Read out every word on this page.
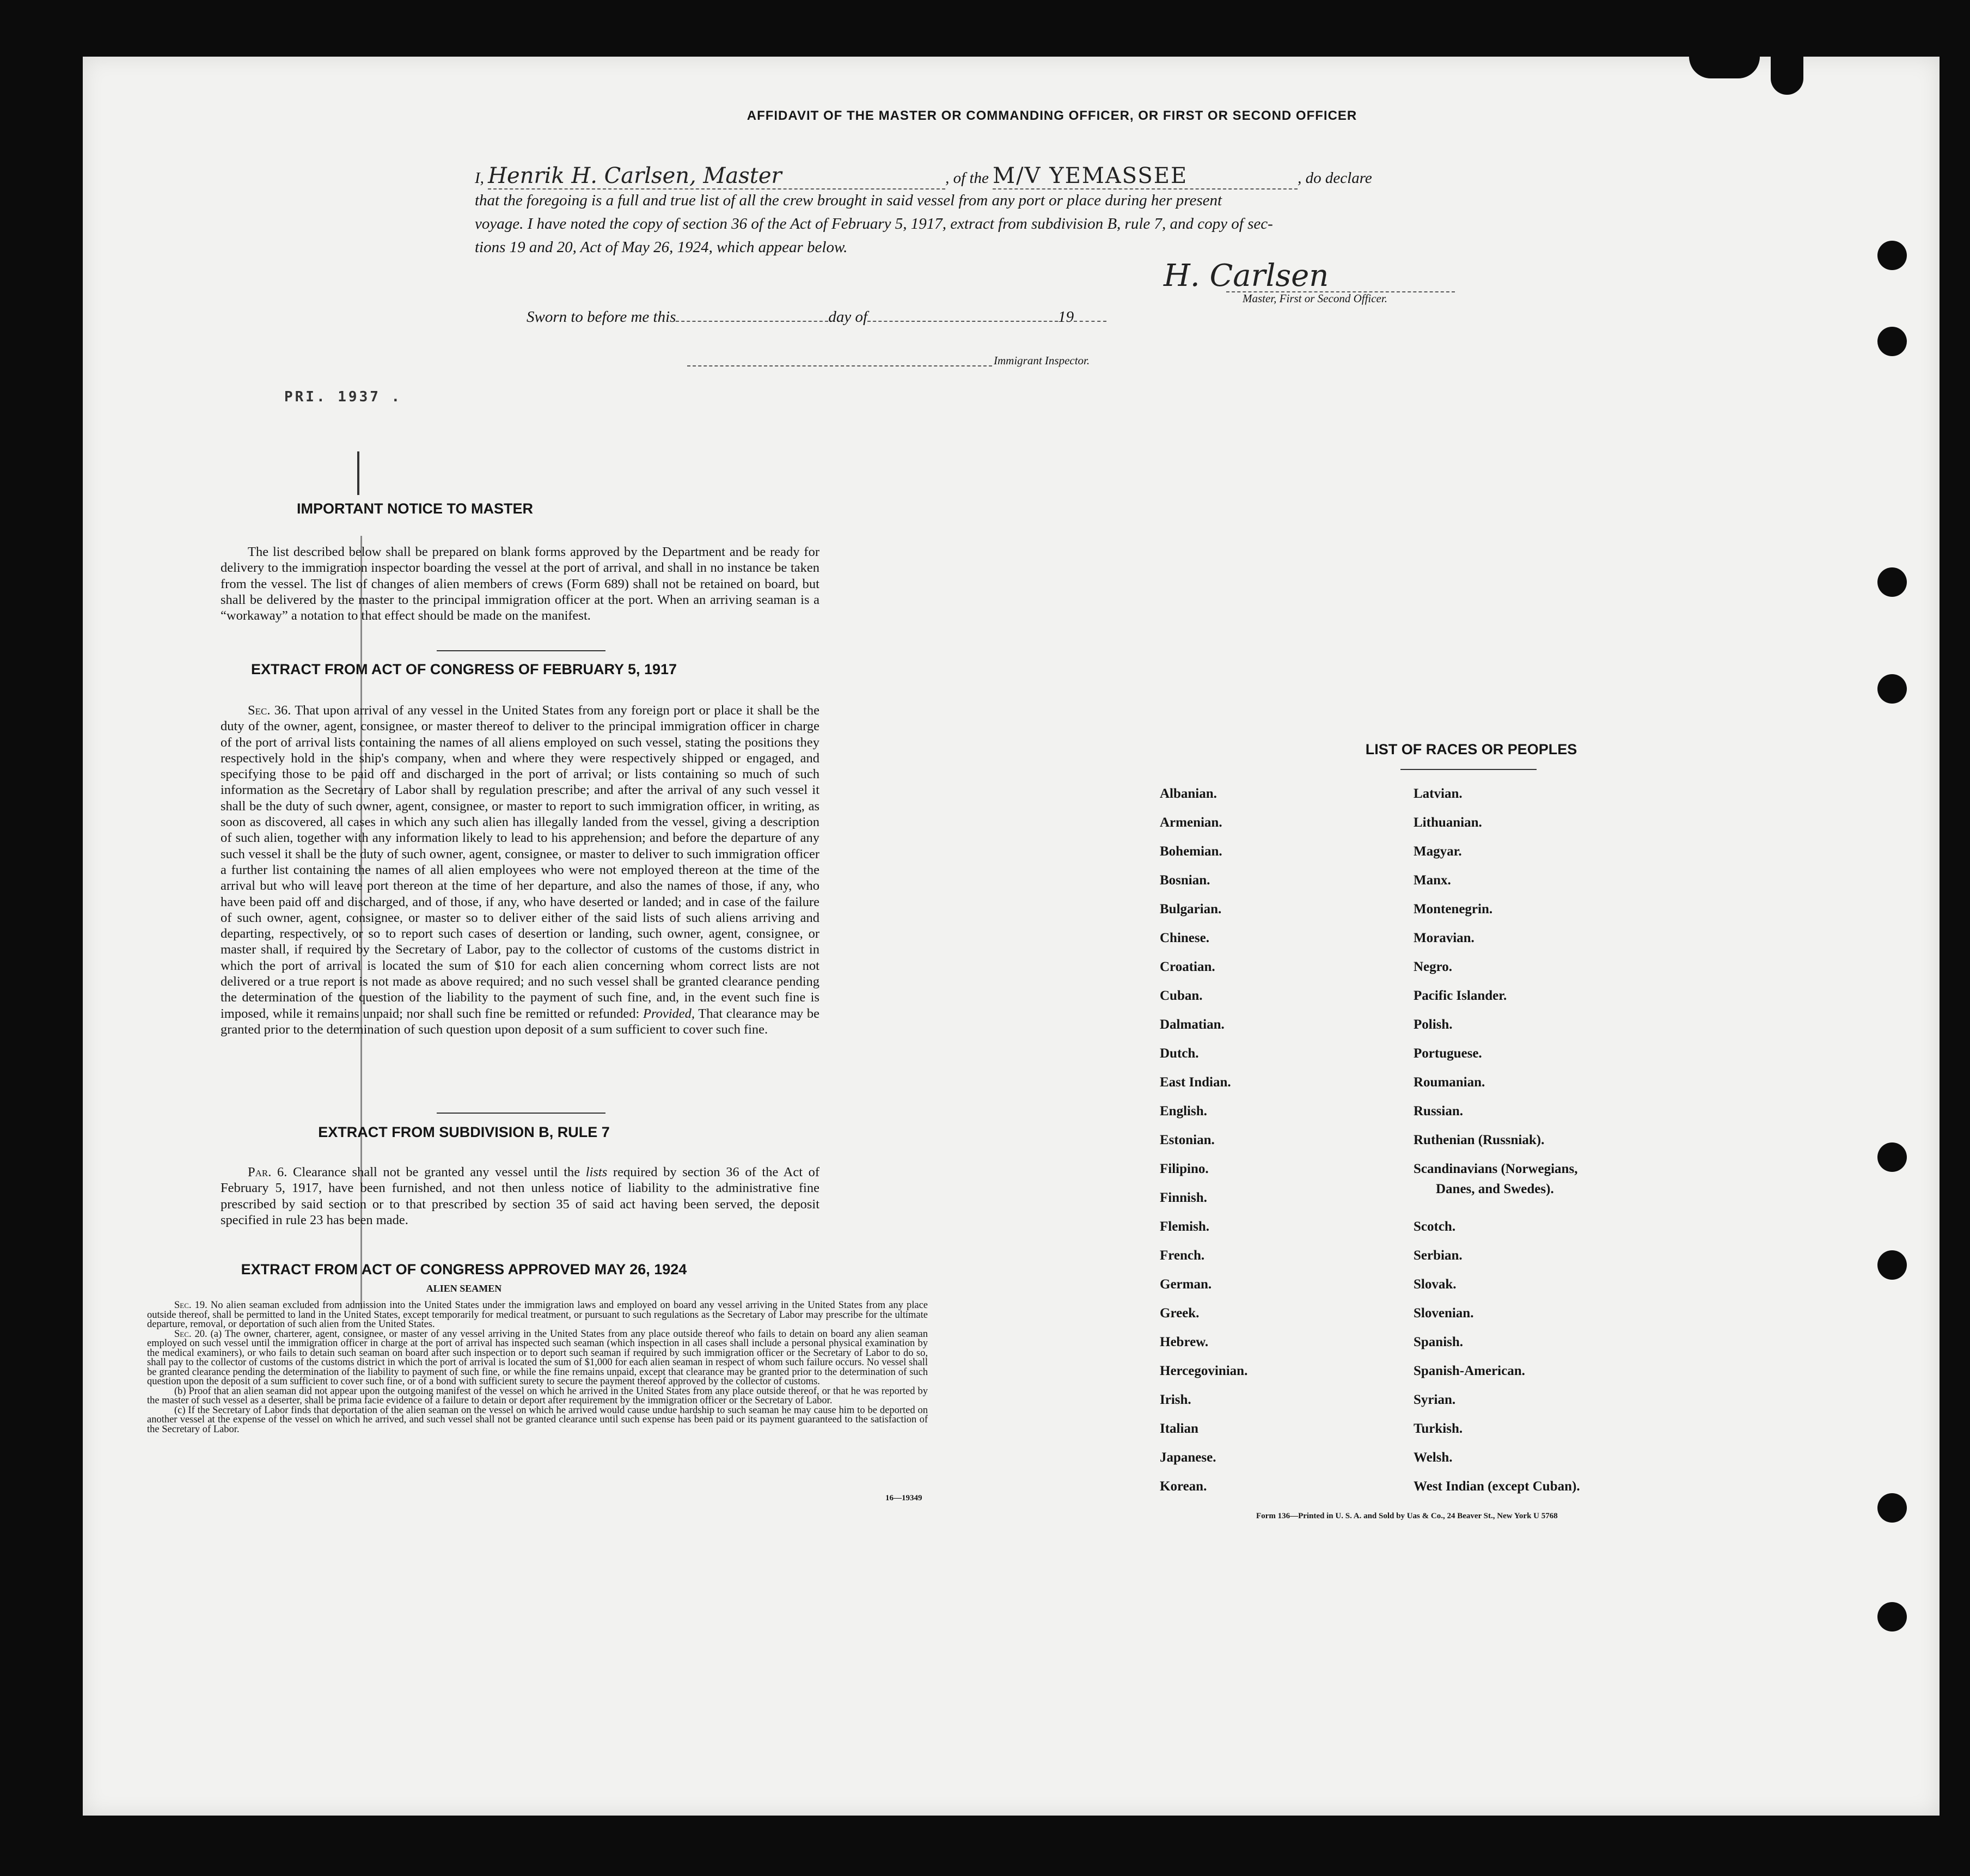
AFFIDAVIT OF THE MASTER OR COMMANDING OFFICER, OR FIRST OR SECOND OFFICER
I, Henrik H. Carlsen, Master	, of the M/V YEMASSEE	, do declare
that the foregoing is a full and true list of all the crew brought in said vessel from any port or place during her present
voyage. I have noted the copy of section 36 of the Act of February 5, 1917, extract from subdivision B, rule 7, and copy of sec-
tions 19 and 20, Act of May 26, 1924, which appear below.
H. Carlsen
Master, First or Second Officer.
Sworn to before me this	day of	19
Immigrant Inspector.
PRI. 1937 .
IMPORTANT NOTICE TO MASTER
The list described below shall be prepared on blank forms approved by the Department and be ready for delivery to the immigration inspector boarding the vessel at the port of arrival, and shall in no instance be taken from the vessel. The list of changes of alien members of crews (Form 689) shall not be retained on board, but shall be delivered by the master to the principal immigration officer at the port. When an arriving seaman is a “workaway” a notation to that effect should be made on the manifest.
EXTRACT FROM ACT OF CONGRESS OF FEBRUARY 5, 1917
Sec. 36. That upon arrival of any vessel in the United States from any foreign port or place it shall be the duty of the owner, agent, consignee, or master thereof to deliver to the principal immigration officer in charge of the port of arrival lists containing the names of all aliens employed on such vessel, stating the positions they respectively hold in the ship's company, when and where they were respectively shipped or engaged, and specifying those to be paid off and discharged in the port of arrival; or lists containing so much of such information as the Secretary of Labor shall by regulation prescribe; and after the arrival of any such vessel it shall be the duty of such owner, agent, consignee, or master to report to such immigration officer, in writing, as soon as discovered, all cases in which any such alien has illegally landed from the vessel, giving a description of such alien, together with any information likely to lead to his apprehension; and before the departure of any such vessel it shall be the duty of such owner, agent, consignee, or master to deliver to such immigration officer a further list containing the names of all alien employees who were not employed thereon at the time of the arrival but who will leave port thereon at the time of her departure, and also the names of those, if any, who have been paid off and discharged, and of those, if any, who have deserted or landed; and in case of the failure of such owner, agent, consignee, or master so to deliver either of the said lists of such aliens arriving and departing, respectively, or so to report such cases of desertion or landing, such owner, agent, consignee, or master shall, if required by the Secretary of Labor, pay to the collector of customs of the customs district in which the port of arrival is located the sum of $10 for each alien concerning whom correct lists are not delivered or a true report is not made as above required; and no such vessel shall be granted clearance pending the determination of the question of the liability to the payment of such fine, and, in the event such fine is imposed, while it remains unpaid; nor shall such fine be remitted or refunded: Provided, That clearance may be granted prior to the determination of such question upon deposit of a sum sufficient to cover such fine.
EXTRACT FROM SUBDIVISION B, RULE 7
Par. 6. Clearance shall not be granted any vessel until the lists required by section 36 of the Act of February 5, 1917, have been furnished, and not then unless notice of liability to the administrative fine prescribed by said section or to that prescribed by section 35 of said act having been served, the deposit specified in rule 23 has been made.
EXTRACT FROM ACT OF CONGRESS APPROVED MAY 26, 1924
ALIEN SEAMEN
Sec. 19. No alien seaman excluded from admission into the United States under the immigration laws and employed on board any vessel arriving in the United States from any place outside thereof, shall be permitted to land in the United States, except temporarily for medical treatment, or pursuant to such regulations as the Secretary of Labor may prescribe for the ultimate departure, removal, or deportation of such alien from the United States.
Sec. 20. (a) The owner, charterer, agent, consignee, or master of any vessel arriving in the United States from any place outside thereof who fails to detain on board any alien seaman employed on such vessel until the immigration officer in charge at the port of arrival has inspected such seaman (which inspection in all cases shall include a personal physical examination by the medical examiners), or who fails to detain such seaman on board after such inspection or to deport such seaman if required by such immigration officer or the Secretary of Labor to do so, shall pay to the collector of customs of the customs district in which the port of arrival is located the sum of $1,000 for each alien seaman in respect of whom such failure occurs. No vessel shall be granted clearance pending the determination of the liability to payment of such fine, or while the fine remains unpaid, except that clearance may be granted prior to the determination of such question upon the deposit of a sum sufficient to cover such fine, or of a bond with sufficient surety to secure the payment thereof approved by the collector of customs.
(b) Proof that an alien seaman did not appear upon the outgoing manifest of the vessel on which he arrived in the United States from any place outside thereof, or that he was reported by the master of such vessel as a deserter, shall be prima facie evidence of a failure to detain or deport after requirement by the immigration officer or the Secretary of Labor.
(c) If the Secretary of Labor finds that deportation of the alien seaman on the vessel on which he arrived would cause undue hardship to such seaman he may cause him to be deported on another vessel at the expense of the vessel on which he arrived, and such vessel shall not be granted clearance until such expense has been paid or its payment guaranteed to the satisfaction of the Secretary of Labor.
16—19349
LIST OF RACES OR PEOPLES
Albanian.
Armenian.
Bohemian.
Bosnian.
Bulgarian.
Chinese.
Croatian.
Cuban.
Dalmatian.
Dutch.
East Indian.
English.
Estonian.
Filipino.
Finnish.
Flemish.
French.
German.
Greek.
Hebrew.
Hercegovinian.
Irish.
Italian
Japanese.
Korean.
Latvian.
Lithuanian.
Magyar.
Manx.
Montenegrin.
Moravian.
Negro.
Pacific Islander.
Polish.
Portuguese.
Roumanian.
Russian.
Ruthenian (Russniak).
Scandinavians (Norwegians,
Danes, and Swedes).
Scotch.
Serbian.
Slovak.
Slovenian.
Spanish.
Spanish-American.
Syrian.
Turkish.
Welsh.
West Indian (except Cuban).
Form 136—Printed in U. S. A. and Sold by Uas & Co., 24 Beaver St., New York U 5768
